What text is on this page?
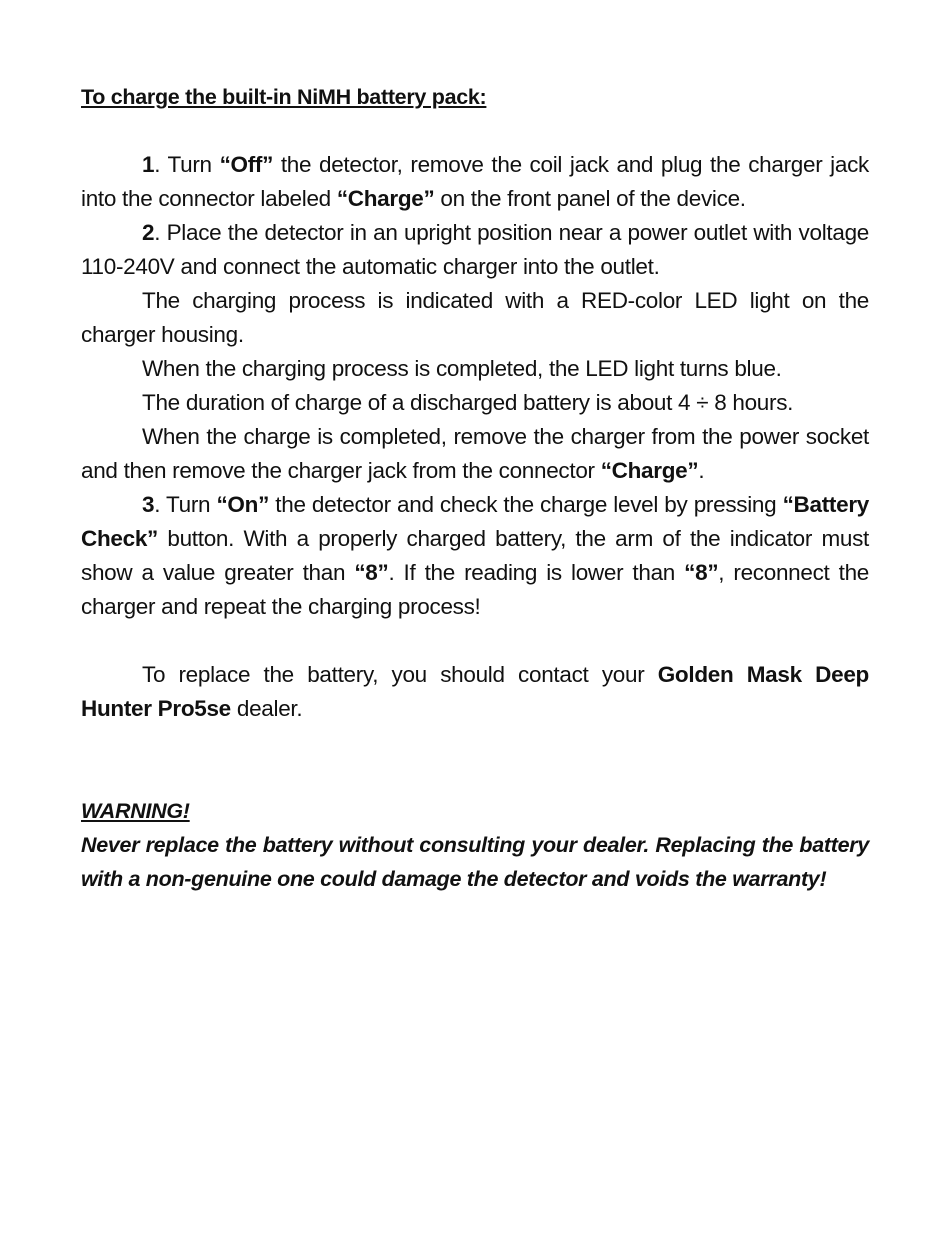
To charge the built-in NiMH battery pack:

1. Turn “Off” the detector, remove the coil jack and plug the charger jack into the connector labeled “Charge” on the front panel of the device.

2. Place the detector in an upright position near a power outlet with voltage 110-240V and connect the automatic charger into the outlet.

The charging process is indicated with a RED-color LED light on the charger housing.

When the charging process is completed, the LED light turns blue.

The duration of charge of a discharged battery is about 4 ÷ 8 hours.

When the charge is completed, remove the charger from the power socket and then remove the charger jack from the connector “Charge”.

3. Turn “On” the detector and check the charge level by pressing “Battery Check” button. With a properly charged battery, the arm of the indicator must show a value greater than “8”. If the reading is lower than “8”, reconnect the charger and repeat the charging process!

To replace the battery, you should contact your Golden Mask Deep Hunter Pro5se dealer.

WARNING!
Never replace the battery without consulting your dealer. Replacing the battery with a non-genuine one could damage the detector and voids the warranty!
